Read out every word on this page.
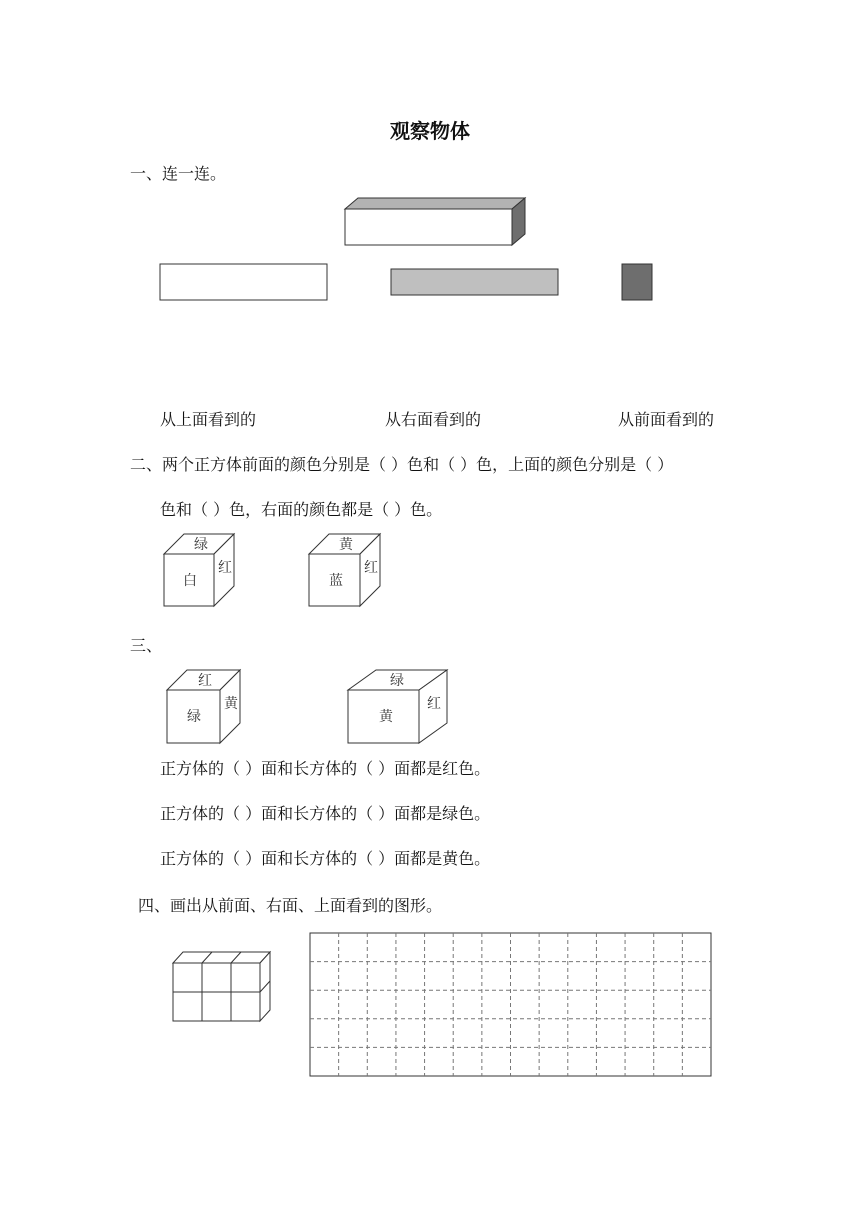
观察物体
一、连一连。
从上面看到的	从右面看到的	从前面看到的
二、两个正方体前面的颜色分别是（ ）色和（ ）色，上面的颜色分别是（ ）
色和（ ）色，右面的颜色都是（ ）色。
绿
白
红
黄
蓝
红
三、
红
绿
黄
绿
黄
红
正方体的（ ）面和长方体的（ ）面都是红色。
正方体的（ ）面和长方体的（ ）面都是绿色。
正方体的（ ）面和长方体的（ ）面都是黄色。
四、画出从前面、右面、上面看到的图形。
